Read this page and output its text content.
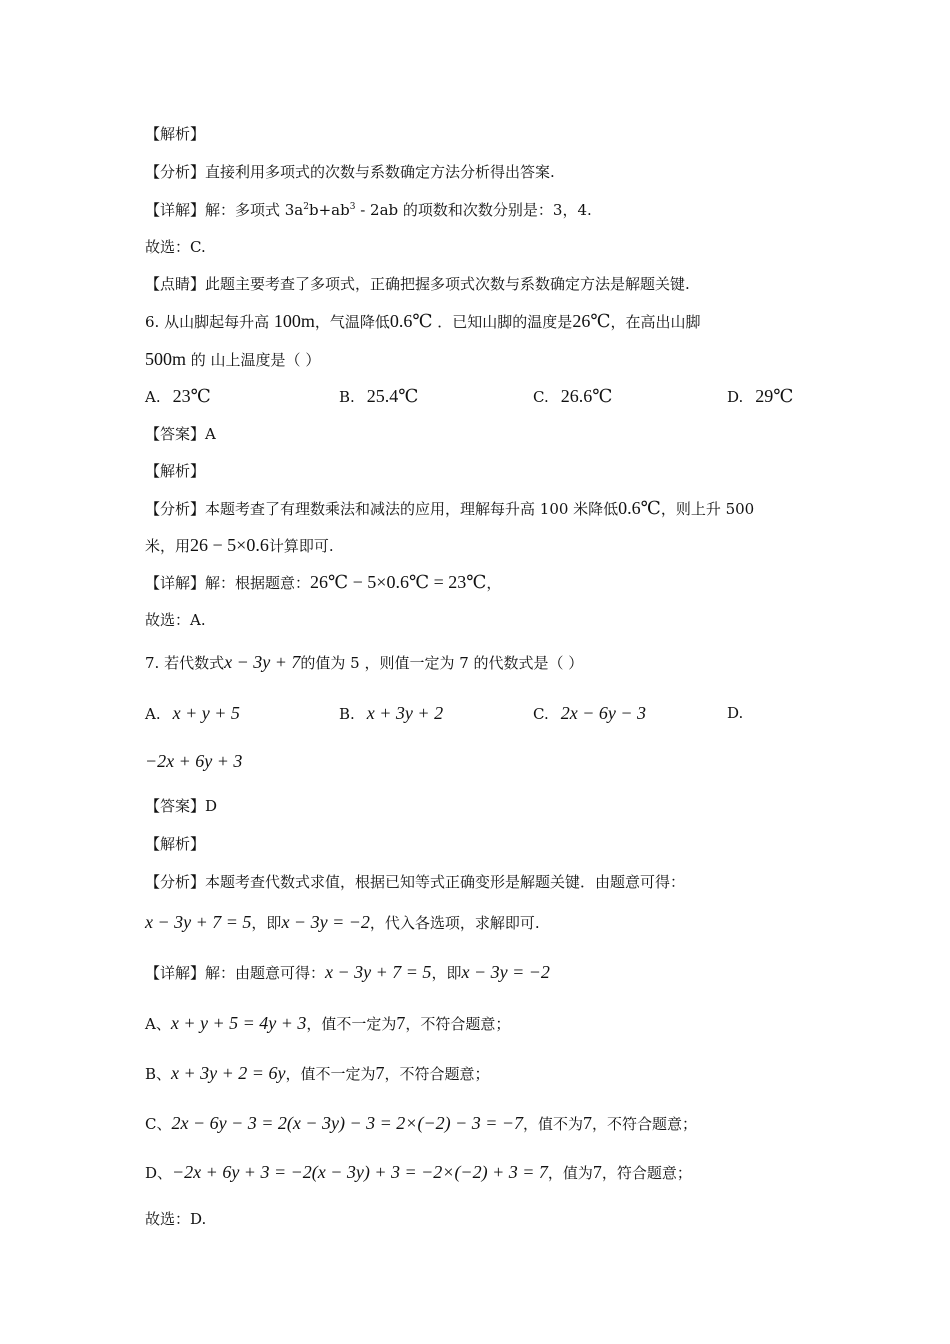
【解析】
【分析】直接利用多项式的次数与系数确定方法分析得出答案.
【详解】解：多项式 $3a^2b+ab^3 - 2ab$ 的项数和次数分别是：3，4.
故选：C.
【点睛】此题主要考查了多项式，正确把握多项式次数与系数确定方法是解题关键.
6. 从山脚起每升高 100m，气温降低0.6℃ ．已知山脚的温度是26℃，在高出山脚
500m 的 山上温度是（ ）
A. 23℃	B. 25.4℃	C. 26.6℃	D. 29℃
【答案】A
【解析】
【分析】本题考查了有理数乘法和减法的应用，理解每升高 100 米降低0.6℃，则上升 500
米，用26 − 5×0.6计算即可.
【详解】解：根据题意：26℃ − 5×0.6℃ = 23℃，
故选：A.
7. 若代数式x − 3y + 7的值为 5 ，则值一定为 7 的代数式是（ ）
A. x + y + 5	B. x + 3y + 2	C. 2x − 6y − 3	D.
−2x + 6y + 3
【答案】D
【解析】
【分析】本题考查代数式求值，根据已知等式正确变形是解题关键．由题意可得：
x − 3y + 7 = 5，即x − 3y = −2，代入各选项，求解即可.
【详解】解：由题意可得：x − 3y + 7 = 5，即x − 3y = −2
A、x + y + 5 = 4y + 3，值不一定为7，不符合题意；
B、x + 3y + 2 = 6y，值不一定为7，不符合题意；
C、2x − 6y − 3 = 2(x − 3y) − 3 = 2×(−2) − 3 = −7，值不为7，不符合题意；
D、−2x + 6y + 3 = −2(x − 3y) + 3 = −2×(−2) + 3 = 7，值为7，符合题意；
故选：D.
